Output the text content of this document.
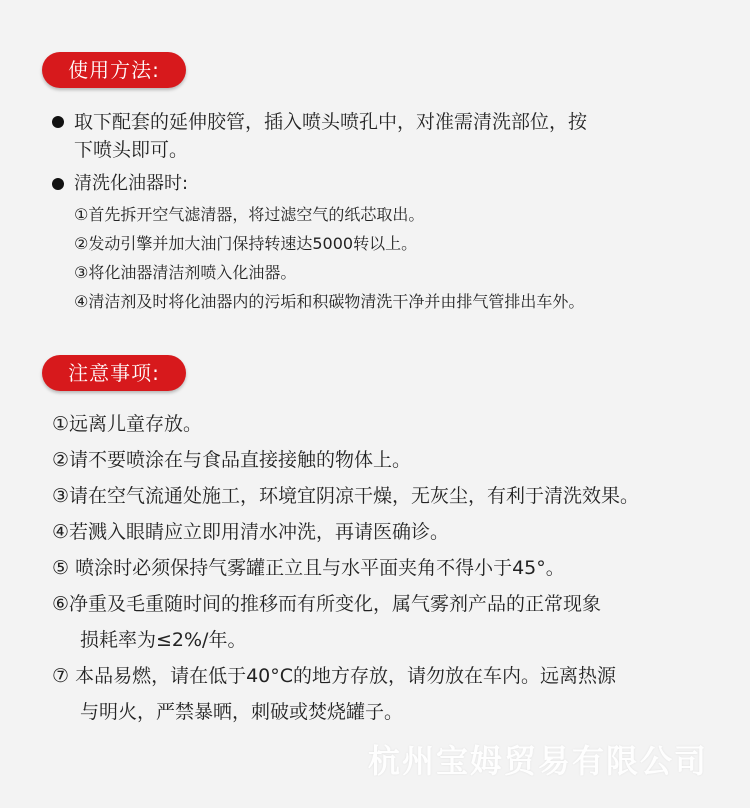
使用方法:
取下配套的延伸胶管，插入喷头喷孔中，对准需清洗部位，按
下喷头即可。
清洗化油器时:
①首先拆开空气滤清器，将过滤空气的纸芯取出。
②发动引擎并加大油门保持转速达5000转以上。
③将化油器清洁剂喷入化油器。
④清洁剂及时将化油器内的污垢和积碳物清洗干净并由排气管排出车外。
注意事项:
①远离儿童存放。
②请不要喷涂在与食品直接接触的物体上。
③请在空气流通处施工，环境宜阴凉干燥，无灰尘，有利于清洗效果。
④若溅入眼睛应立即用清水冲洗，再请医确诊。
⑤ 喷涂时必须保持气雾罐正立且与水平面夹角不得小于45°。
⑥净重及毛重随时间的推移而有所变化，属气雾剂产品的正常现象
损耗率为≤2%/年。
⑦ 本品易燃，请在低于40°C的地方存放，请勿放在车内。远离热源
与明火，严禁暴晒，刺破或焚烧罐子。
杭州宝姆贸易有限公司
